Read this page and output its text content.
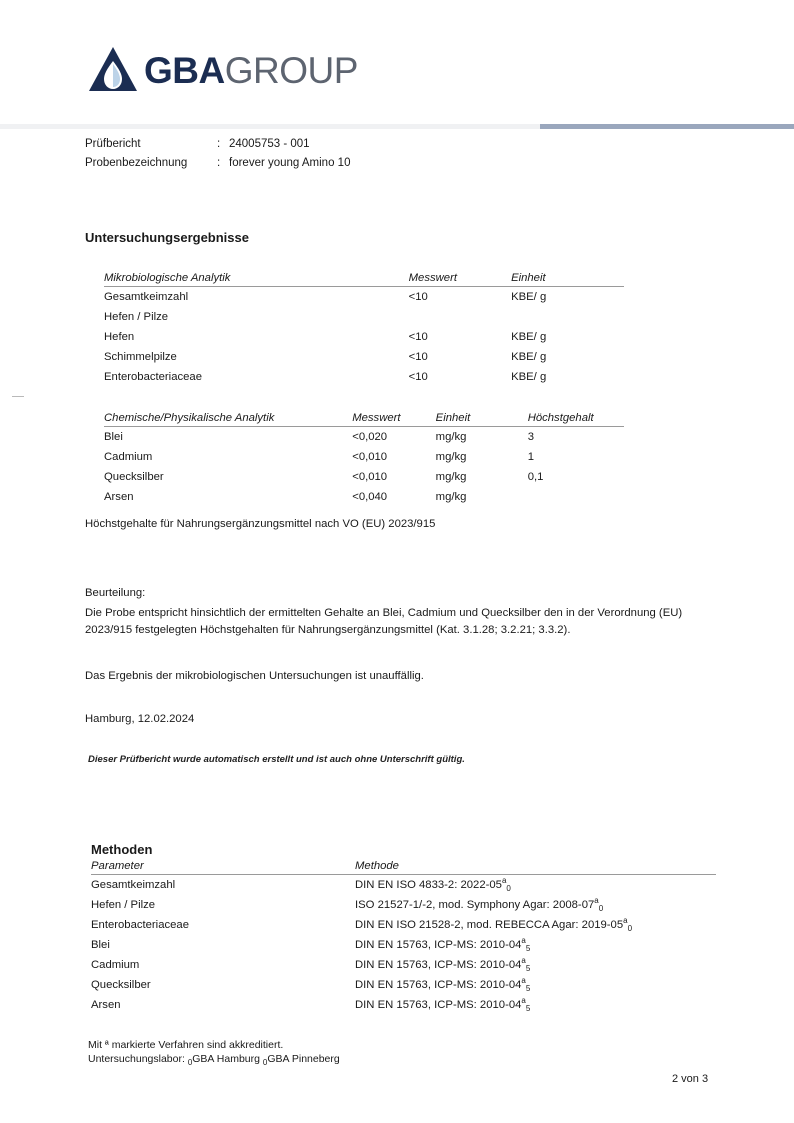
GBAGROUP
Prüfbericht	: 24005753 - 001
Probenbezeichnung	: forever young Amino 10
Untersuchungsergebnisse
Mikrobiologische Analytik	Messwert	Einheit
Gesamtkeimzahl	<10	KBE/ g
Hefen / Pilze		
Hefen	<10	KBE/ g
Schimmelpilze	<10	KBE/ g
Enterobacteriaceae	<10	KBE/ g
Chemische/Physikalische Analytik	Messwert	Einheit	Höchstgehalt
Blei	<0,020	mg/kg	3
Cadmium	<0,010	mg/kg	1
Quecksilber	<0,010	mg/kg	0,1
Arsen	<0,040	mg/kg	
Höchstgehalte für Nahrungsergänzungsmittel nach VO (EU) 2023/915
Beurteilung:
Die Probe entspricht hinsichtlich der ermittelten Gehalte an Blei, Cadmium und Quecksilber den in der Verordnung (EU) 2023/915 festgelegten Höchstgehalten für Nahrungsergänzungsmittel (Kat. 3.1.28; 3.2.21; 3.3.2).
Das Ergebnis der mikrobiologischen Untersuchungen ist unauffällig.
Hamburg, 12.02.2024
Dieser Prüfbericht wurde automatisch erstellt und ist auch ohne Unterschrift gültig.
Methoden
Parameter	Methode
Gesamtkeimzahl	DIN EN ISO 4833-2: $2022-05^a_0$
Hefen / Pilze	ISO 21527-1/-2, mod. Symphony Agar: $2008-07^a_0$
Enterobacteriaceae	DIN EN ISO 21528-2, mod. REBECCA Agar: $2019-05^a_0$
Blei	DIN EN 15763, ICP-MS: $2010-04^a_5$
Cadmium	DIN EN 15763, ICP-MS: $2010-04^a_5$
Quecksilber	DIN EN 15763, ICP-MS: $2010-04^a_5$
Arsen	DIN EN 15763, ICP-MS: $2010-04^a_5$
Mit ª markierte Verfahren sind akkreditiert.
Untersuchungslabor: $_0$GBA Hamburg $_0$GBA Pinneberg
2 von 3
